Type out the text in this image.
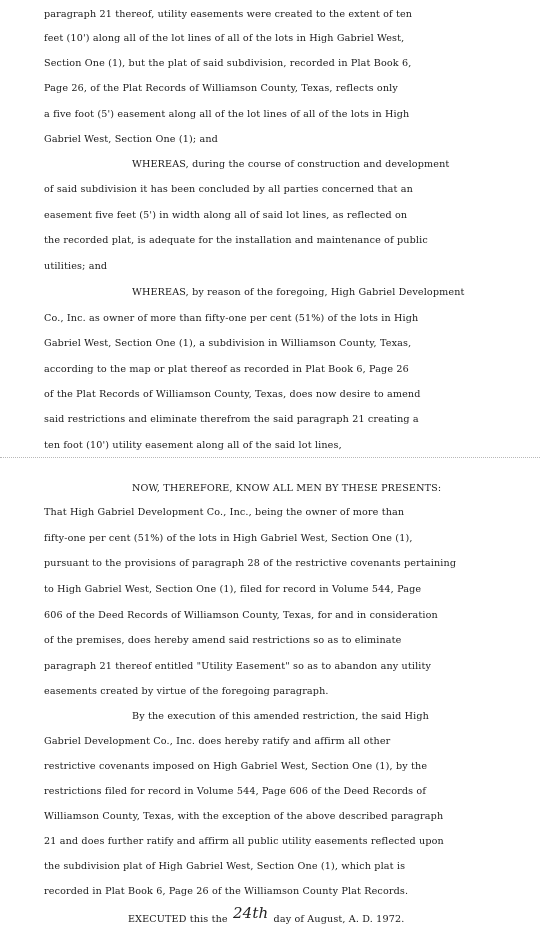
paragraph 21 thereof, utility easements were created to the extent of ten
feet (10') along all of the lot lines of all of the lots in High Gabriel West,
Section One (1), but the plat of said subdivision, recorded in Plat Book 6,
Page 26, of the Plat Records of Williamson County, Texas, reflects only
a five foot (5') easement along all of the lot lines of all of the lots in High
Gabriel West, Section One (1); and
WHEREAS, during the course of construction and development
of said subdivision it has been concluded by all parties concerned that an
easement five feet (5') in width along all of said lot lines, as reflected on
the recorded plat, is adequate for the installation and maintenance of public
utilities; and
WHEREAS, by reason of the foregoing, High Gabriel Development
Co., Inc. as owner of more than fifty-one per cent (51%) of the lots in High
Gabriel West, Section One (1), a subdivision in Williamson County, Texas,
according to the map or plat thereof as recorded in Plat Book 6, Page 26
of the Plat Records of Williamson County, Texas, does now desire to amend
said restrictions and eliminate therefrom the said paragraph 21 creating a
ten foot (10') utility easement along all of the said lot lines,
NOW, THEREFORE, KNOW ALL MEN BY THESE PRESENTS:
That High Gabriel Development Co., Inc., being the owner of more than
fifty-one per cent (51%) of the lots in High Gabriel West, Section One (1),
pursuant to the provisions of paragraph 28 of the restrictive covenants pertaining
to High Gabriel West, Section One (1), filed for record in Volume 544, Page
606 of the Deed Records of Williamson County, Texas, for and in consideration
of the premises, does hereby amend said restrictions so as to eliminate
paragraph 21 thereof entitled "Utility Easement" so as to abandon any utility
easements created by virtue of the foregoing paragraph.
By the execution of this amended restriction, the said High
Gabriel Development Co., Inc. does hereby ratify and affirm all other
restrictive covenants imposed on High Gabriel West, Section One (1), by the
restrictions filed for record in Volume 544, Page 606 of the Deed Records of
Williamson County, Texas, with the exception of the above described paragraph
21 and does further ratify and affirm all public utility easements reflected upon
the subdivision plat of High Gabriel West, Section One (1), which plat is
recorded in Plat Book 6, Page 26 of the Williamson County Plat Records.
EXECUTED this the 24th day of August, A. D. 1972.
